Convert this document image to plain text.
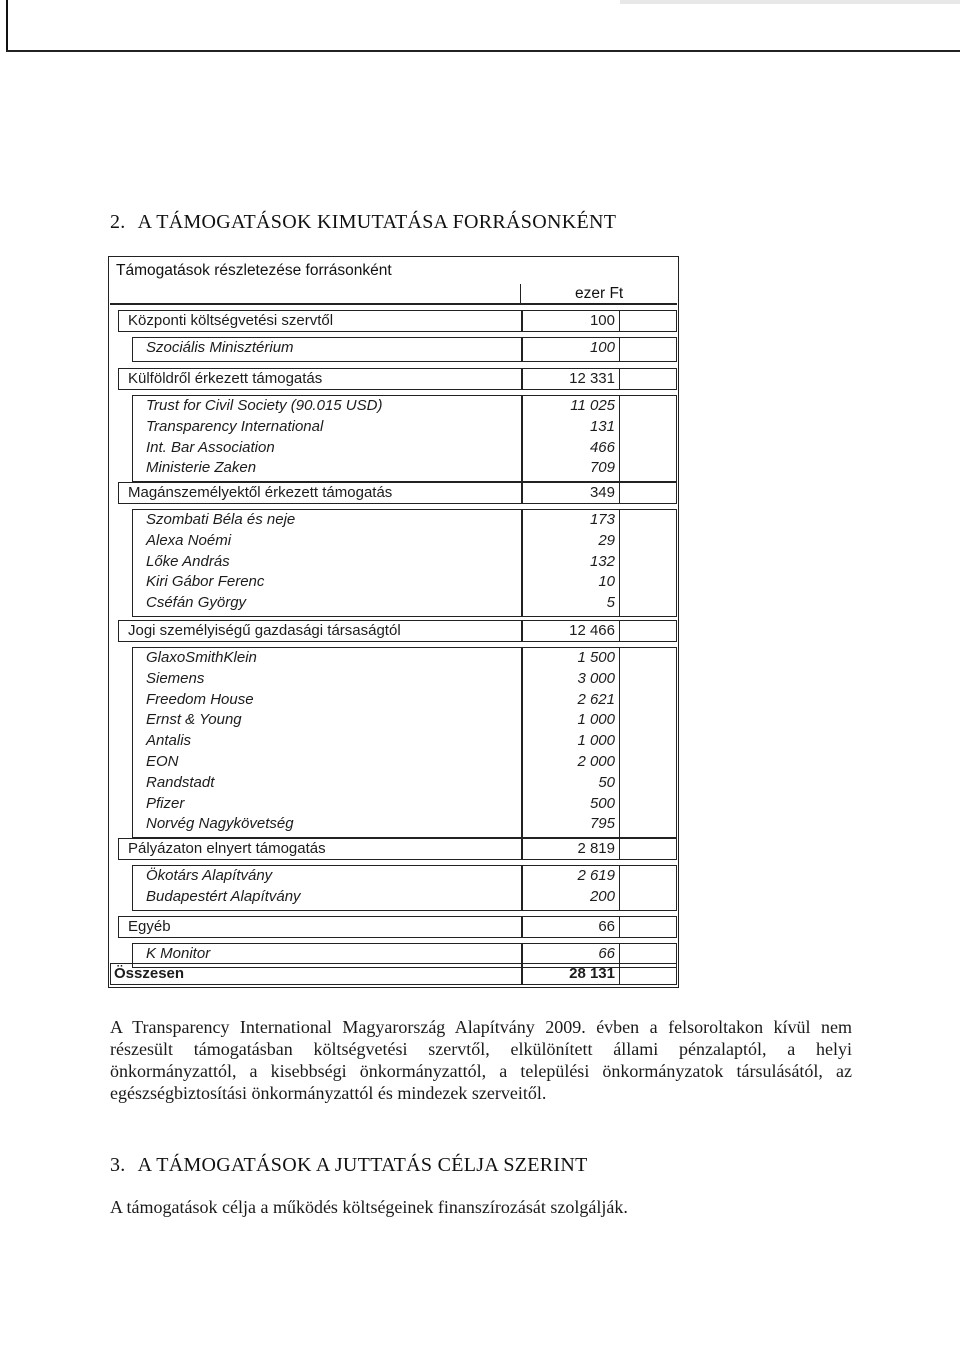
2. A TÁMOGATÁSOK KIMUTATÁSA FORRÁSONKÉNT
Támogatások részletezése forrásonként
ezer Ft
Központi költségvetési szervtől	100
Szociális Minisztérium	100
Külföldről érkezett támogatás	12 331
Trust for Civil Society (90.015 USD)	11 025
Transparency International	131
Int. Bar Association	466
Ministerie Zaken	709
Magánszemélyektől érkezett támogatás	349
Szombati Béla és neje	173
Alexa Noémi	29
Lőke András	132
Kiri Gábor Ferenc	10
Cséfán György	5
Jogi személyiségű gazdasági társaságtól	12 466
GlaxoSmithKlein	1 500
Siemens	3 000
Freedom House	2 621
Ernst & Young	1 000
Antalis	1 000
EON	2 000
Randstadt	50
Pfizer	500
Norvég Nagykövetség	795
Pályázaton elnyert támogatás	2 819
Ökotárs Alapítvány	2 619
Budapestért Alapítvány	200
Egyéb	66
K Monitor	66
Összesen	28 131
A Transparency International Magyarország Alapítvány 2009. évben a felsoroltakon kívül nem részesült támogatásban költségvetési szervtől, elkülönített állami pénzalaptól, a helyi önkormányzattól, a kisebbségi önkormányzattól, a települési önkormányzatok társulásától, az egészségbiztosítási önkormányzattól és mindezek szerveitől.
3. A TÁMOGATÁSOK A JUTTATÁS CÉLJA SZERINT
A támogatások célja a működés költségeinek finanszírozását szolgálják.
